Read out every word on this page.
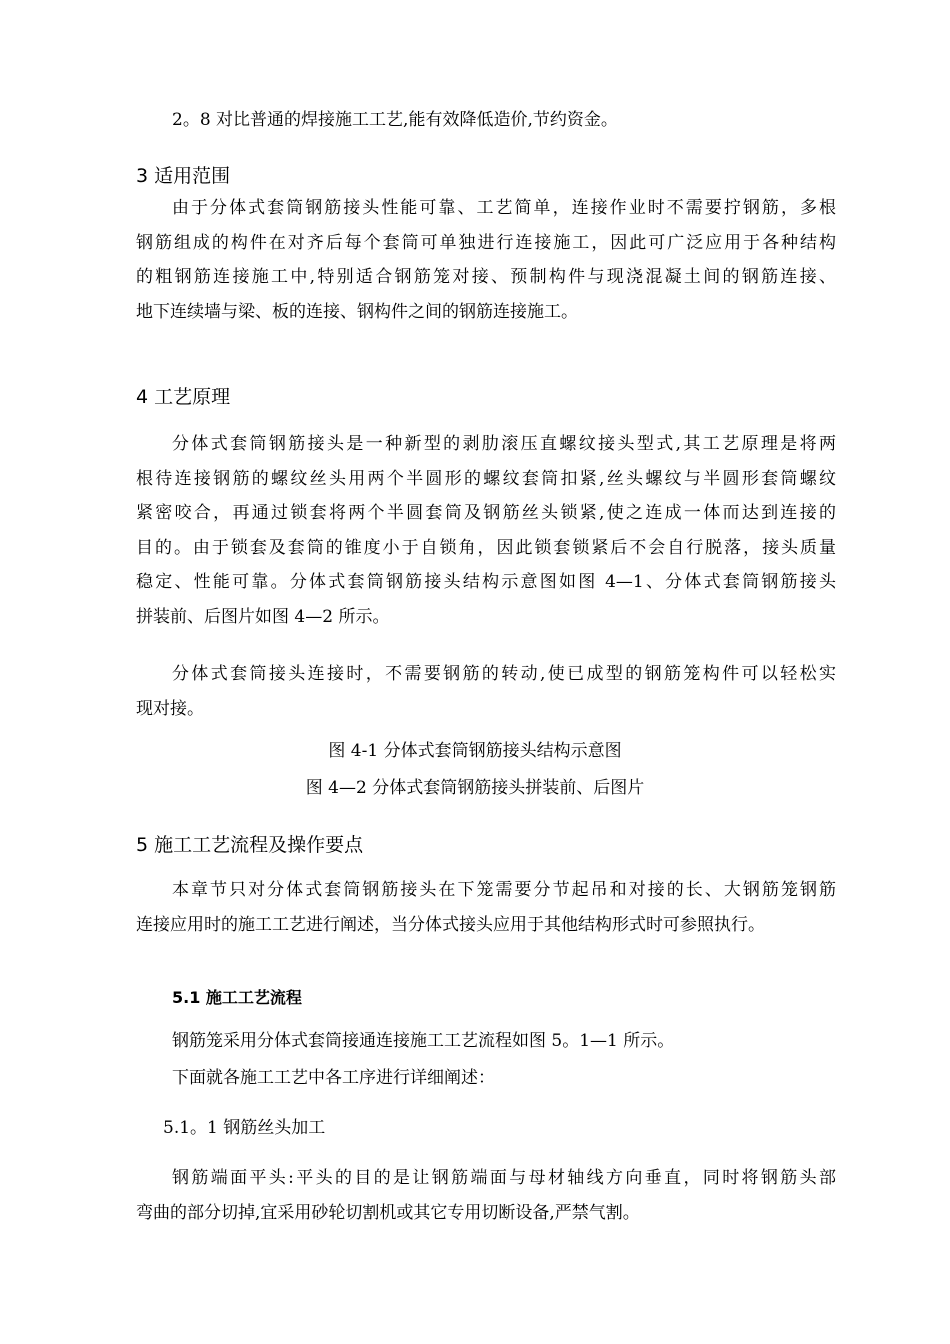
2。8 对比普通的焊接施工工艺,能有效降低造价,节约资金。

3 适用范围
由于分体式套筒钢筋接头性能可靠、工艺简单，连接作业时不需要拧钢筋，多根
钢筋组成的构件在对齐后每个套筒可单独进行连接施工，因此可广泛应用于各种结构
的粗钢筋连接施工中,特别适合钢筋笼对接、预制构件与现浇混凝土间的钢筋连接、
地下连续墙与梁、板的连接、钢构件之间的钢筋连接施工。
4 工艺原理
分体式套筒钢筋接头是一种新型的剥肋滚压直螺纹接头型式,其工艺原理是将两
根待连接钢筋的螺纹丝头用两个半圆形的螺纹套筒扣紧,丝头螺纹与半圆形套筒螺纹
紧密咬合，再通过锁套将两个半圆套筒及钢筋丝头锁紧,使之连成一体而达到连接的
目的。由于锁套及套筒的锥度小于自锁角，因此锁套锁紧后不会自行脱落，接头质量
稳定、性能可靠。分体式套筒钢筋接头结构示意图如图 4—1、分体式套筒钢筋接头
拼装前、后图片如图 4—2 所示。
分体式套筒接头连接时，不需要钢筋的转动,使已成型的钢筋笼构件可以轻松实
现对接。

图 4-1 分体式套筒钢筋接头结构示意图

图 4—2 分体式套筒钢筋接头拼装前、后图片

5 施工工艺流程及操作要点
本章节只对分体式套筒钢筋接头在下笼需要分节起吊和对接的长、大钢筋笼钢筋
连接应用时的施工工艺进行阐述，当分体式接头应用于其他结构形式时可参照执行。
5.1 施工工艺流程

钢筋笼采用分体式套筒接通连接施工工艺流程如图 5。1—1 所示。

下面就各施工工艺中各工序进行详细阐述：

5.1。1 钢筋丝头加工

钢筋端面平头:平头的目的是让钢筋端面与母材轴线方向垂直，同时将钢筋头部
弯曲的部分切掉,宜采用砂轮切割机或其它专用切断设备,严禁气割。
